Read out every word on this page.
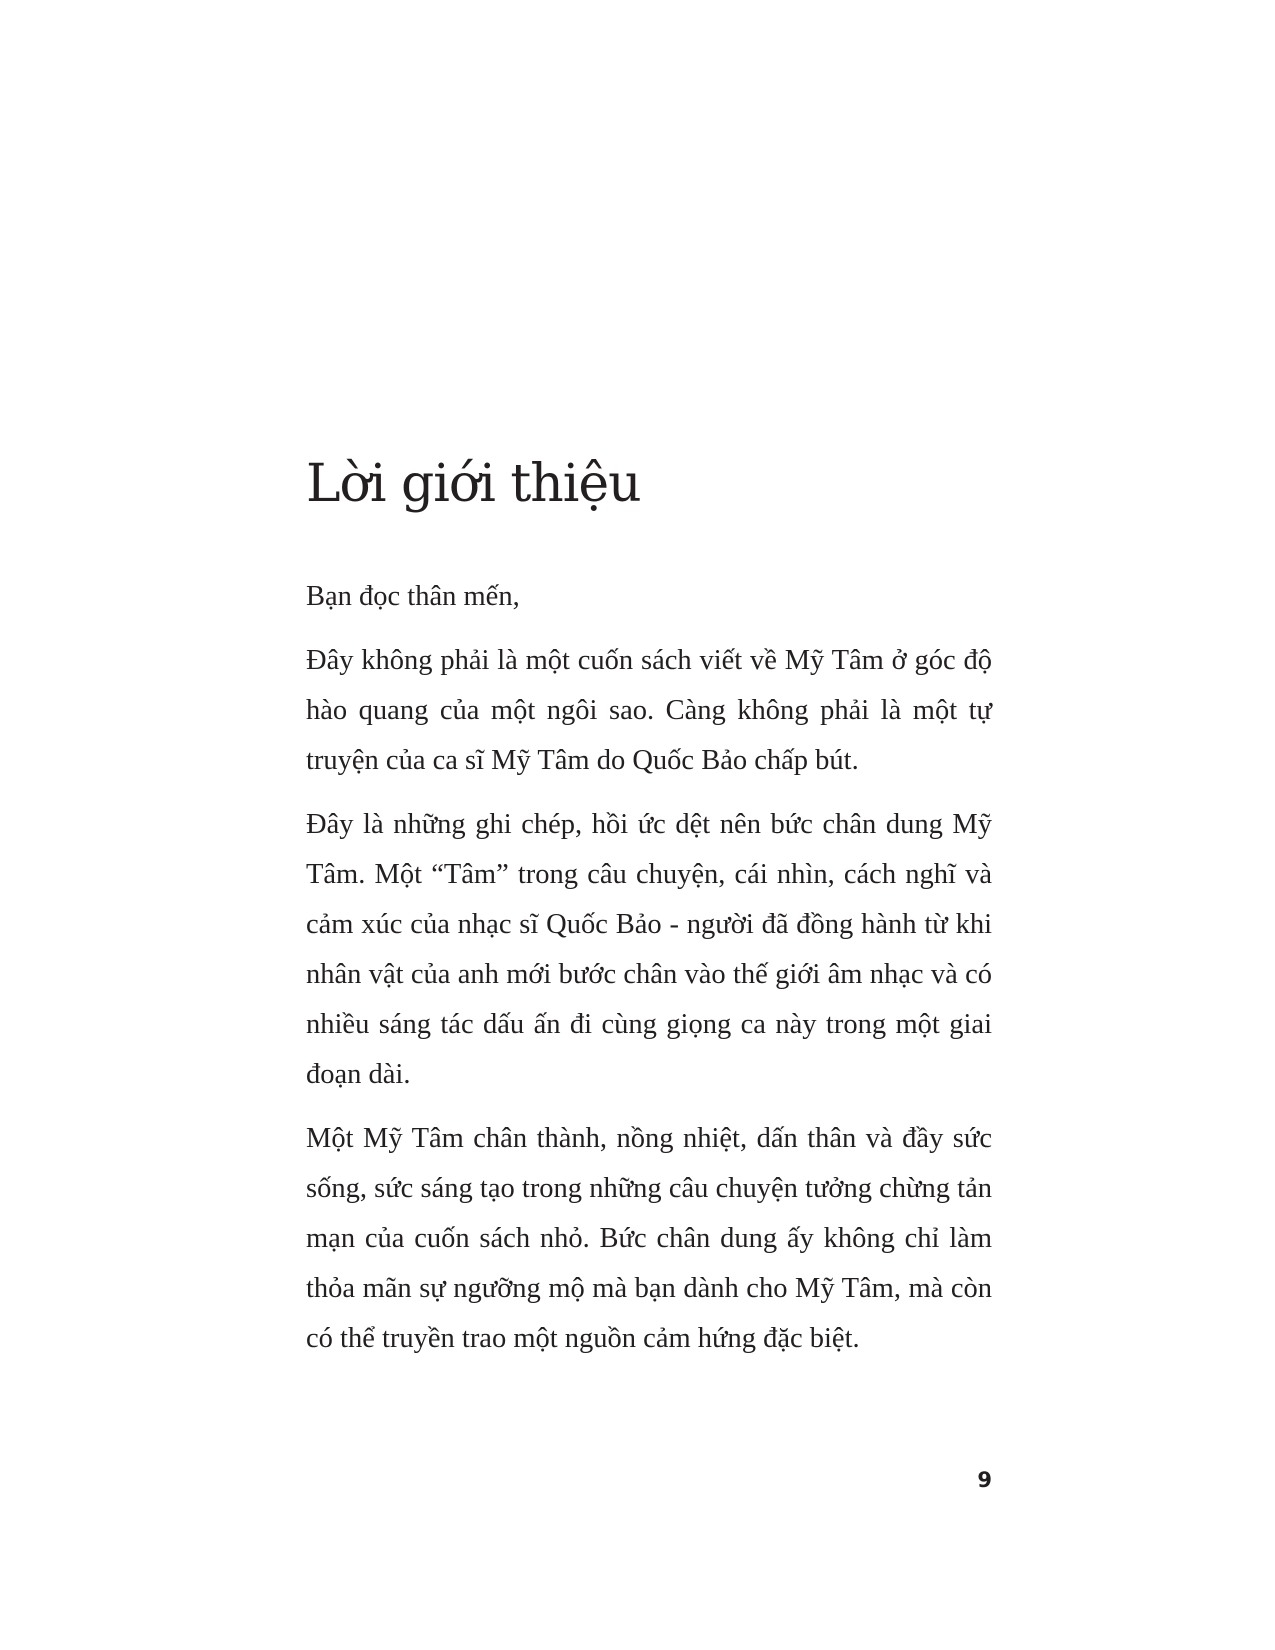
Lời giới thiệu

Bạn đọc thân mến,

Đây không phải là một cuốn sách viết về Mỹ Tâm ở góc độ hào quang của một ngôi sao. Càng không phải là một tự truyện của ca sĩ Mỹ Tâm do Quốc Bảo chấp bút.

Đây là những ghi chép, hồi ức dệt nên bức chân dung Mỹ Tâm. Một “Tâm” trong câu chuyện, cái nhìn, cách nghĩ và cảm xúc của nhạc sĩ Quốc Bảo - người đã đồng hành từ khi nhân vật của anh mới bước chân vào thế giới âm nhạc và có nhiều sáng tác dấu ấn đi cùng giọng ca này trong một giai đoạn dài.

Một Mỹ Tâm chân thành, nồng nhiệt, dấn thân và đầy sức sống, sức sáng tạo trong những câu chuyện tưởng chừng tản mạn của cuốn sách nhỏ. Bức chân dung ấy không chỉ làm thỏa mãn sự ngưỡng mộ mà bạn dành cho Mỹ Tâm, mà còn có thể truyền trao một nguồn cảm hứng đặc biệt.

9
